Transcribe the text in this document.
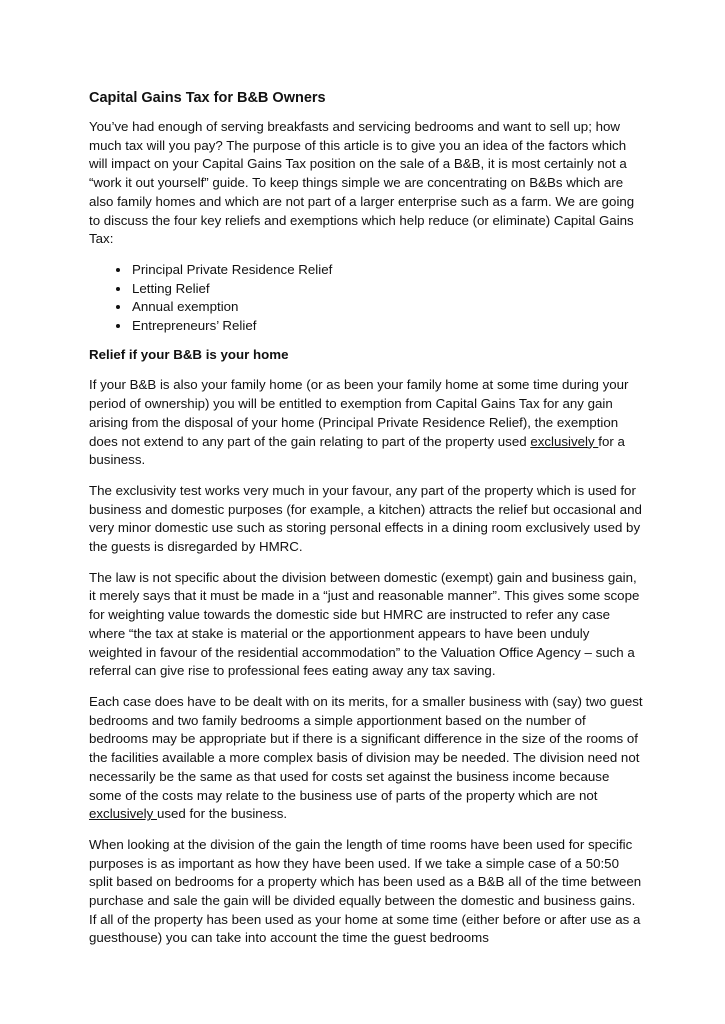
Capital Gains Tax for B&B Owners

You’ve had enough of serving breakfasts and servicing bedrooms and want to sell up; how much tax will you pay? The purpose of this article is to give you an idea of the factors which will impact on your Capital Gains Tax position on the sale of a B&B, it is most certainly not a “work it out yourself” guide. To keep things simple we are concentrating on B&Bs which are also family homes and which are not part of a larger enterprise such as a farm. We are going to discuss the four key reliefs and exemptions which help reduce (or eliminate) Capital Gains Tax:

• Principal Private Residence Relief
• Letting Relief
• Annual exemption
• Entrepreneurs’ Relief

Relief if your B&B is your home

If your B&B is also your family home (or as been your family home at some time during your period of ownership) you will be entitled to exemption from Capital Gains Tax for any gain arising from the disposal of your home (Principal Private Residence Relief), the exemption does not extend to any part of the gain relating to part of the property used exclusively for a business.

The exclusivity test works very much in your favour, any part of the property which is used for business and domestic purposes (for example, a kitchen) attracts the relief but occasional and very minor domestic use such as storing personal effects in a dining room exclusively used by the guests is disregarded by HMRC.

The law is not specific about the division between domestic (exempt) gain and business gain, it merely says that it must be made in a “just and reasonable manner”. This gives some scope for weighting value towards the domestic side but HMRC are instructed to refer any case where “the tax at stake is material or the apportionment appears to have been unduly weighted in favour of the residential accommodation” to the Valuation Office Agency – such a referral can give rise to professional fees eating away any tax saving.

Each case does have to be dealt with on its merits, for a smaller business with (say) two guest bedrooms and two family bedrooms a simple apportionment based on the number of bedrooms may be appropriate but if there is a significant difference in the size of the rooms of the facilities available a more complex basis of division may be needed. The division need not necessarily be the same as that used for costs set against the business income because some of the costs may relate to the business use of parts of the property which are not exclusively used for the business.

When looking at the division of the gain the length of time rooms have been used for specific purposes is as important as how they have been used. If we take a simple case of a 50:50 split based on bedrooms for a property which has been used as a B&B all of the time between purchase and sale the gain will be divided equally between the domestic and business gains. If all of the property has been used as your home at some time (either before or after use as a guesthouse) you can take into account the time the guest bedrooms
